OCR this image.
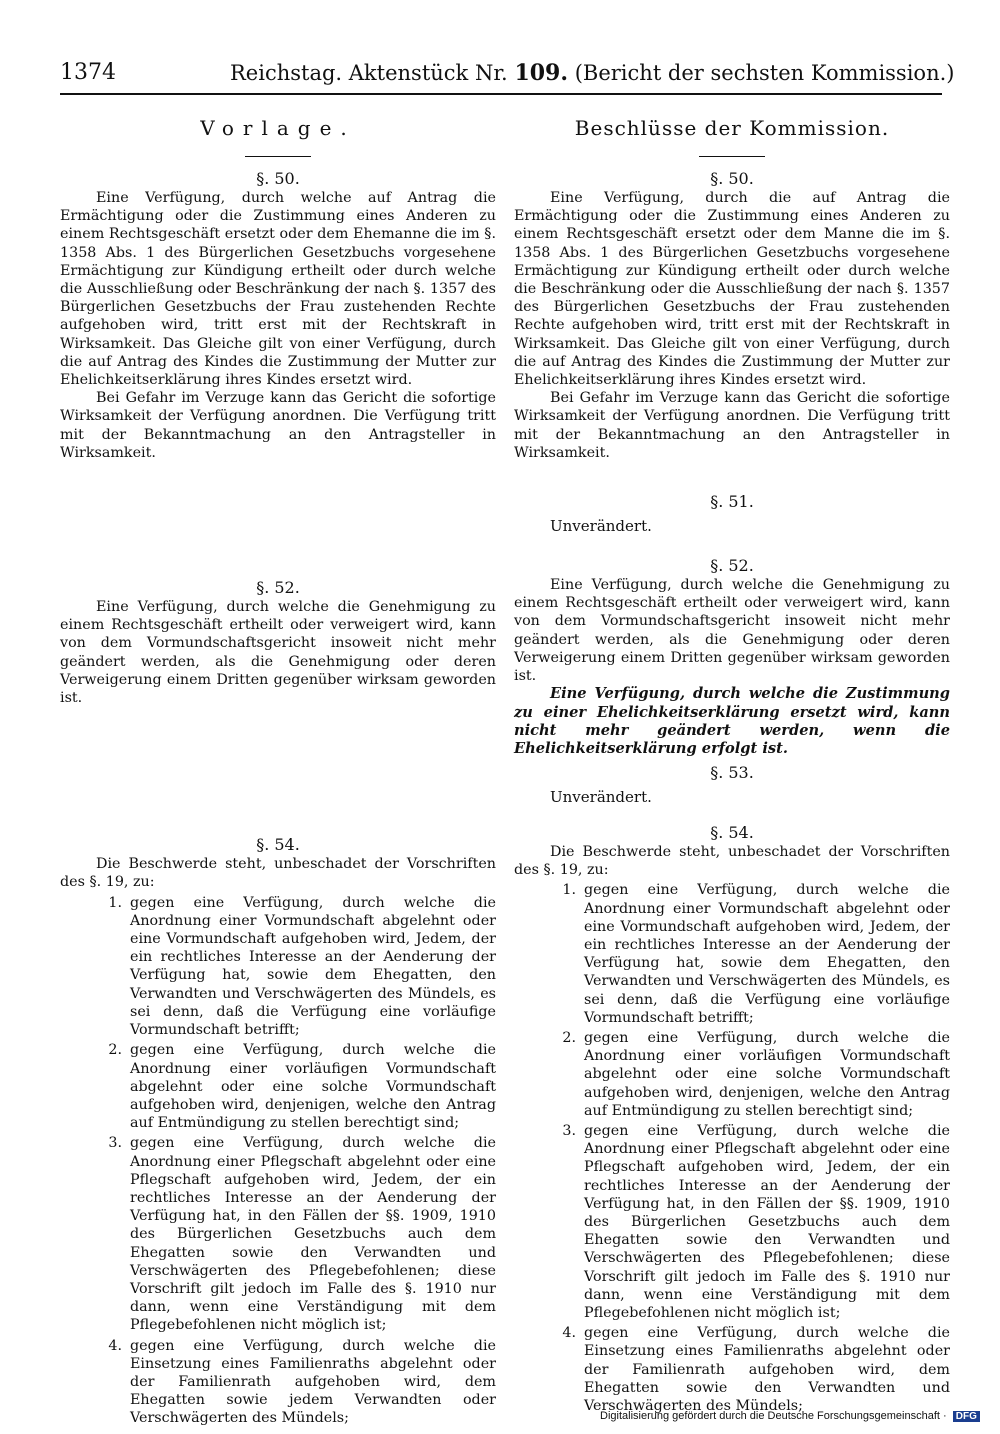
1374	Reichstag. Aktenstück Nr. 109. (Bericht der sechsten Kommission.)
Vorlage.
§. 50.

Eine Verfügung, durch welche auf Antrag die Ermächtigung oder die Zustimmung eines Anderen zu einem Rechtsgeschäft ersetzt oder dem Ehemanne die im §. 1358 Abs. 1 des Bürgerlichen Gesetzbuchs vorgesehene Ermächtigung zur Kündigung ertheilt oder durch welche die Ausschließung oder Beschränkung der nach §. 1357 des Bürgerlichen Gesetzbuchs der Frau zustehenden Rechte aufgehoben wird, tritt erst mit der Rechtskraft in Wirksamkeit. Das Gleiche gilt von einer Verfügung, durch die auf Antrag des Kindes die Zustimmung der Mutter zur Ehelichkeitserklärung ihres Kindes ersetzt wird.

Bei Gefahr im Verzuge kann das Gericht die sofortige Wirksamkeit der Verfügung anordnen. Die Verfügung tritt mit der Bekanntmachung an den Antragsteller in Wirksamkeit.

§. 52.

Eine Verfügung, durch welche die Genehmigung zu einem Rechtsgeschäft ertheilt oder verweigert wird, kann von dem Vormundschaftsgericht insoweit nicht mehr geändert werden, als die Genehmigung oder deren Verweigerung einem Dritten gegenüber wirksam geworden ist.

§. 54.

Die Beschwerde steht, unbeschadet der Vorschriften des §. 19, zu:

1. gegen eine Verfügung, durch welche die Anordnung einer Vormundschaft abgelehnt oder eine Vormundschaft aufgehoben wird, Jedem, der ein rechtliches Interesse an der Aenderung der Verfügung hat, sowie dem Ehegatten, den Verwandten und Verschwägerten des Mündels, es sei denn, daß die Verfügung eine vorläufige Vormundschaft betrifft;
2. gegen eine Verfügung, durch welche die Anordnung einer vorläufigen Vormundschaft abgelehnt oder eine solche Vormundschaft aufgehoben wird, denjenigen, welche den Antrag auf Entmündigung zu stellen berechtigt sind;
3. gegen eine Verfügung, durch welche die Anordnung einer Pflegschaft abgelehnt oder eine Pflegschaft aufgehoben wird, Jedem, der ein rechtliches Interesse an der Aenderung der Verfügung hat, in den Fällen der §§. 1909, 1910 des Bürgerlichen Gesetzbuchs auch dem Ehegatten sowie den Verwandten und Verschwägerten des Pflegebefohlenen; diese Vorschrift gilt jedoch im Falle des §. 1910 nur dann, wenn eine Verständigung mit dem Pflegebefohlenen nicht möglich ist;
4. gegen eine Verfügung, durch welche die Einsetzung eines Familienraths abgelehnt oder der Familienrath aufgehoben wird, dem Ehegatten sowie jedem Verwandten oder Verschwägerten des Mündels;
Beschlüsse der Kommission.
§. 50.

Eine Verfügung, durch die auf Antrag die Ermächtigung oder die Zustimmung eines Anderen zu einem Rechtsgeschäft ersetzt oder dem Manne die im §. 1358 Abs. 1 des Bürgerlichen Gesetzbuchs vorgesehene Ermächtigung zur Kündigung ertheilt oder durch welche die Beschränkung oder die Ausschließung der nach §. 1357 des Bürgerlichen Gesetzbuchs der Frau zustehenden Rechte aufgehoben wird, tritt erst mit der Rechtskraft in Wirksamkeit. Das Gleiche gilt von einer Verfügung, durch die auf Antrag des Kindes die Zustimmung der Mutter zur Ehelichkeitserklärung ihres Kindes ersetzt wird.

Bei Gefahr im Verzuge kann das Gericht die sofortige Wirksamkeit der Verfügung anordnen. Die Verfügung tritt mit der Bekanntmachung an den Antragsteller in Wirksamkeit.

§. 51.
Unverändert.
§. 52.

Eine Verfügung, durch welche die Genehmigung zu einem Rechtsgeschäft ertheilt oder verweigert wird, kann von dem Vormundschaftsgericht insoweit nicht mehr geändert werden, als die Genehmigung oder deren Verweigerung einem Dritten gegenüber wirksam geworden ist.

Eine Verfügung, durch welche die Zustimmung zu einer Ehelichkeitserklärung ersetzt wird, kann nicht mehr geändert werden, wenn die Ehelichkeitserklärung erfolgt ist.
§. 53.
Unverändert.
§. 54.

Die Beschwerde steht, unbeschadet der Vorschriften des §. 19, zu:

1. gegen eine Verfügung, durch welche die Anordnung einer Vormundschaft abgelehnt oder eine Vormundschaft aufgehoben wird, Jedem, der ein rechtliches Interesse an der Aenderung der Verfügung hat, sowie dem Ehegatten, den Verwandten und Verschwägerten des Mündels, es sei denn, daß die Verfügung eine vorläufige Vormundschaft betrifft;
2. gegen eine Verfügung, durch welche die Anordnung einer vorläufigen Vormundschaft abgelehnt oder eine solche Vormundschaft aufgehoben wird, denjenigen, welche den Antrag auf Entmündigung zu stellen berechtigt sind;
3. gegen eine Verfügung, durch welche die Anordnung einer Pflegschaft abgelehnt oder eine Pflegschaft aufgehoben wird, Jedem, der ein rechtliches Interesse an der Aenderung der Verfügung hat, in den Fällen der §§. 1909, 1910 des Bürgerlichen Gesetzbuchs auch dem Ehegatten sowie den Verwandten und Verschwägerten des Pflegebefohlenen; diese Vorschrift gilt jedoch im Falle des §. 1910 nur dann, wenn eine Verständigung mit dem Pflegebefohlenen nicht möglich ist;
4. gegen eine Verfügung, durch welche die Einsetzung eines Familienraths abgelehnt oder der Familienrath aufgehoben wird, dem Ehegatten sowie den Verwandten und Verschwägerten des Mündels;
Digitalisierung gefördert durch die Deutsche Forschungsgemeinschaft · DFG
